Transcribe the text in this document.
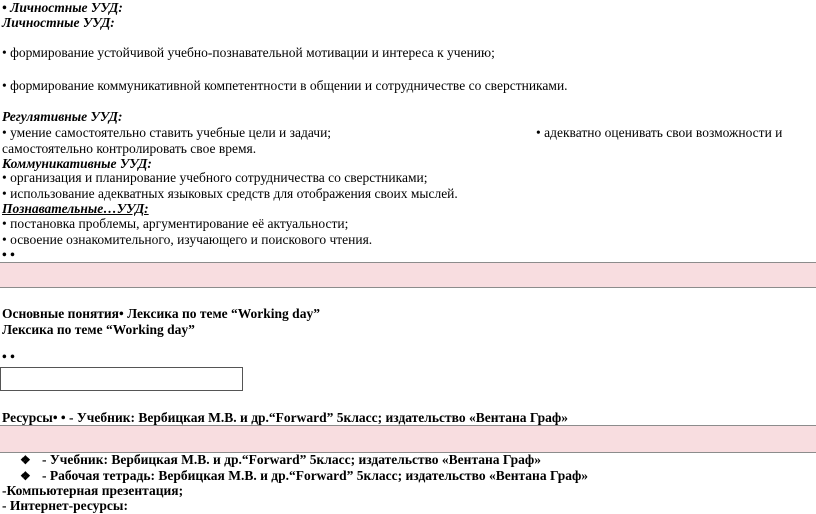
• Личностные УУД:
Личностные УУД:
• формирование устойчивой учебно-познавательной мотивации и интереса к учению;
• формирование коммуникативной компетентности в общении и сотрудничестве со сверстниками.
Регулятивные УУД:
• умение самостоятельно ставить учебные цели и задачи;	• адекватно оценивать свои возможности и
самостоятельно контролировать свое время.
Коммуникативные УУД:
• организация и планирование учебного сотрудничества со сверстниками;
• использование адекватных языковых средств для отображения своих мыслей.
Познавательные…УУД:
• постановка проблемы, аргументирование её актуальности;
• освоение ознакомительного, изучающего и поискового чтения.
• •
Основные понятия• Лексика по теме “Working day”
Лексика по теме “Working day”
• •
Ресурсы• • - Учебник: Вербицкая М.В. и др.“Forward” 5класс; издательство «Вентана Граф»
❖ - Учебник: Вербицкая М.В. и др.“Forward” 5класс; издательство «Вентана Граф»
❖ - Рабочая тетрадь: Вербицкая М.В. и др.“Forward” 5класс; издательство «Вентана Граф»
-Компьютерная презентация;
- Интернет-ресурсы:
